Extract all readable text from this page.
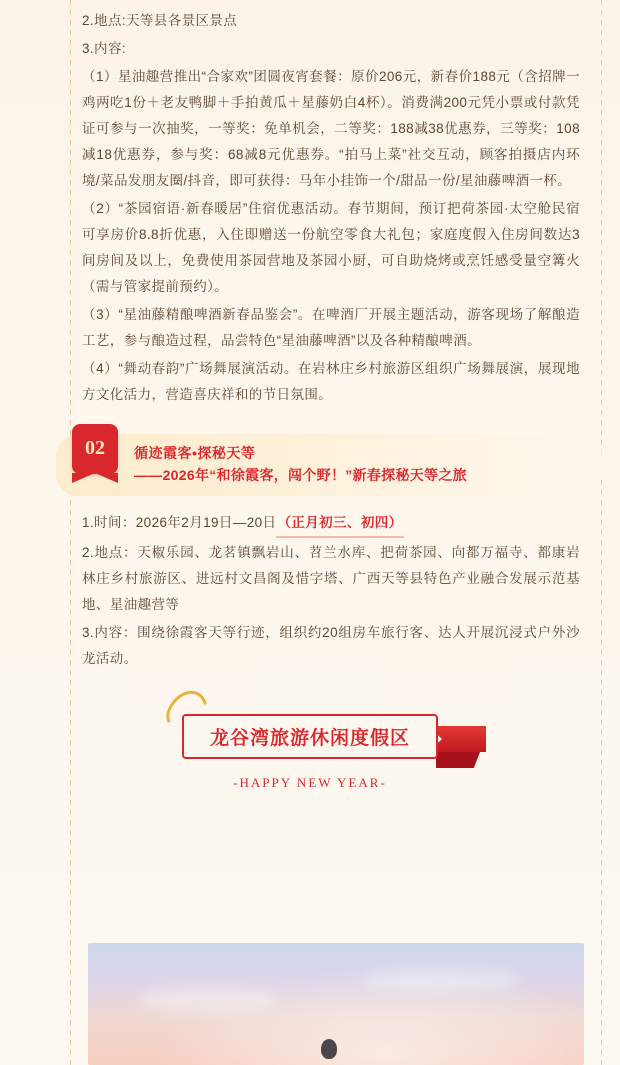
2.地点:天等县各景区景点

3.内容:

（1）星油趣营推出“合家欢”团圆夜宵套餐：原价206元，新春价188元（含招牌一鸡两吃1份＋老友鸭脚＋手拍黄瓜＋星藤奶白4杯）。消费满200元凭小票或付款凭证可参与一次抽奖，一等奖：免单机会，二等奖：188减38优惠券，三等奖：108减18优惠券，参与奖：68减8元优惠券。“拍马上菜”社交互动，顾客拍摄店内环境/菜品发朋友圈/抖音，即可获得：马年小挂饰一个/甜品一份/星油藤啤酒一杯。

（2）“茶园宿语·新春暖居”住宿优惠活动。春节期间，预订把荷茶园·太空舱民宿可享房价8.8折优惠，入住即赠送一份航空零食大礼包；家庭度假入住房间数达3间房间及以上，免费使用茶园营地及茶园小厨，可自助烧烤或烹饪感受量空篝火（需与管家提前预约）。

（3）“星油藤精酿啤酒新春品鉴会”。在啤酒厂开展主题活动，游客现场了解酿造工艺，参与酿造过程，品尝特色“星油藤啤酒”以及各种精酿啤酒。

（4）“舞动春韵”广场舞展演活动。在岩林庄乡村旅游区组织广场舞展演，展现地方文化活力，营造喜庆祥和的节日氛围。

02	循迹霞客•探秘天等
——2026年“和徐霞客，闯个野！”新春探秘天等之旅

1.时间：2026年2月19日—20日（正月初三、初四）

2.地点：天椒乐园、龙茗镇飘岩山、苕兰水库、把荷茶园、向都万福寺、都康岩林庄乡村旅游区、进远村文昌阁及惜字塔、广西天等县特色产业融合发展示范基地、星油趣营等

3.内容：围绕徐霞客天等行迹，组织约20组房车旅行客、达人开展沉浸式户外沙龙活动。

龙谷湾旅游休闲度假区
-HAPPY NEW YEAR-
